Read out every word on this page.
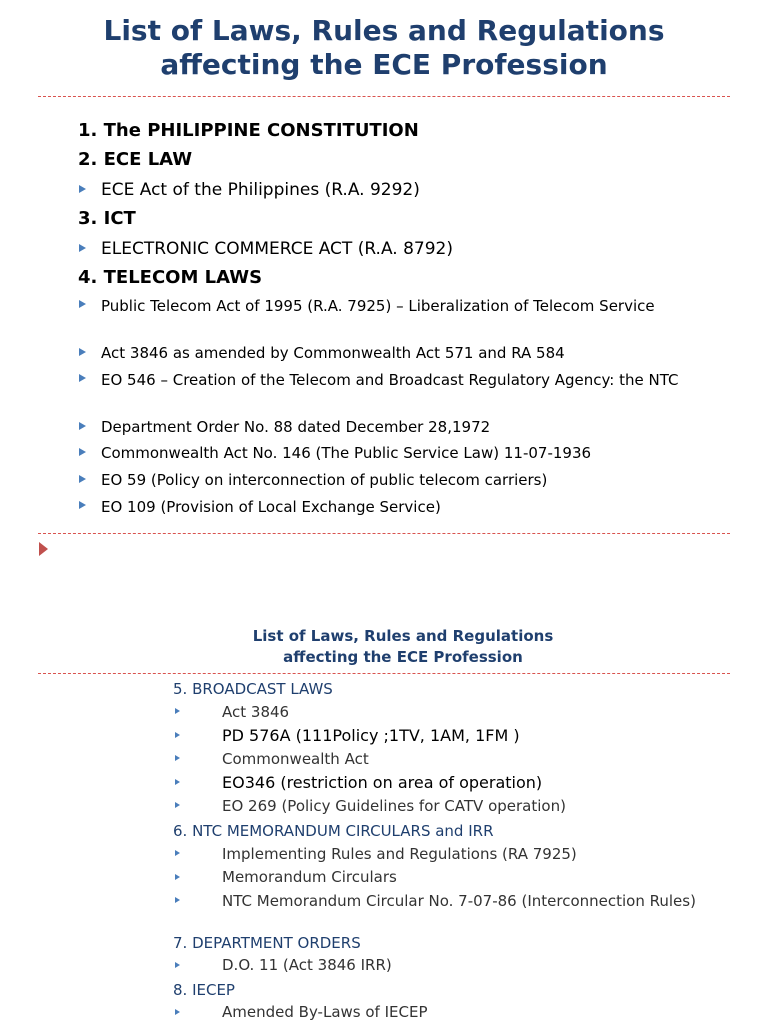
List of Laws, Rules and Regulations
affecting the ECE Profession
1. The PHILIPPINE CONSTITUTION
2. ECE LAW
ECE Act of the Philippines (R.A. 9292)
3. ICT
ELECTRONIC COMMERCE ACT (R.A. 8792)
4. TELECOM LAWS
Public Telecom Act of 1995 (R.A. 7925) – Liberalization of Telecom Service
Act 3846 as amended by Commonwealth Act 571 and RA 584
EO 546 – Creation of the Telecom and Broadcast Regulatory Agency: the NTC
Department Order No. 88 dated December 28,1972
Commonwealth Act No. 146 (The Public Service Law) 11-07-1936
EO 59 (Policy on interconnection of public telecom carriers)
EO 109 (Provision of Local Exchange Service)
List of Laws, Rules and Regulations
affecting the ECE Profession
5. BROADCAST LAWS
Act 3846
PD 576A (111Policy ;1TV, 1AM, 1FM )
Commonwealth Act
EO346 (restriction on area of operation)
EO 269 (Policy Guidelines for CATV operation)
6. NTC MEMORANDUM CIRCULARS and IRR
Implementing Rules and Regulations (RA 7925)
Memorandum Circulars
NTC Memorandum Circular No. 7-07-86 (Interconnection Rules)
7. DEPARTMENT ORDERS
D.O. 11 (Act 3846 IRR)
8. IECEP
Amended By-Laws of IECEP
